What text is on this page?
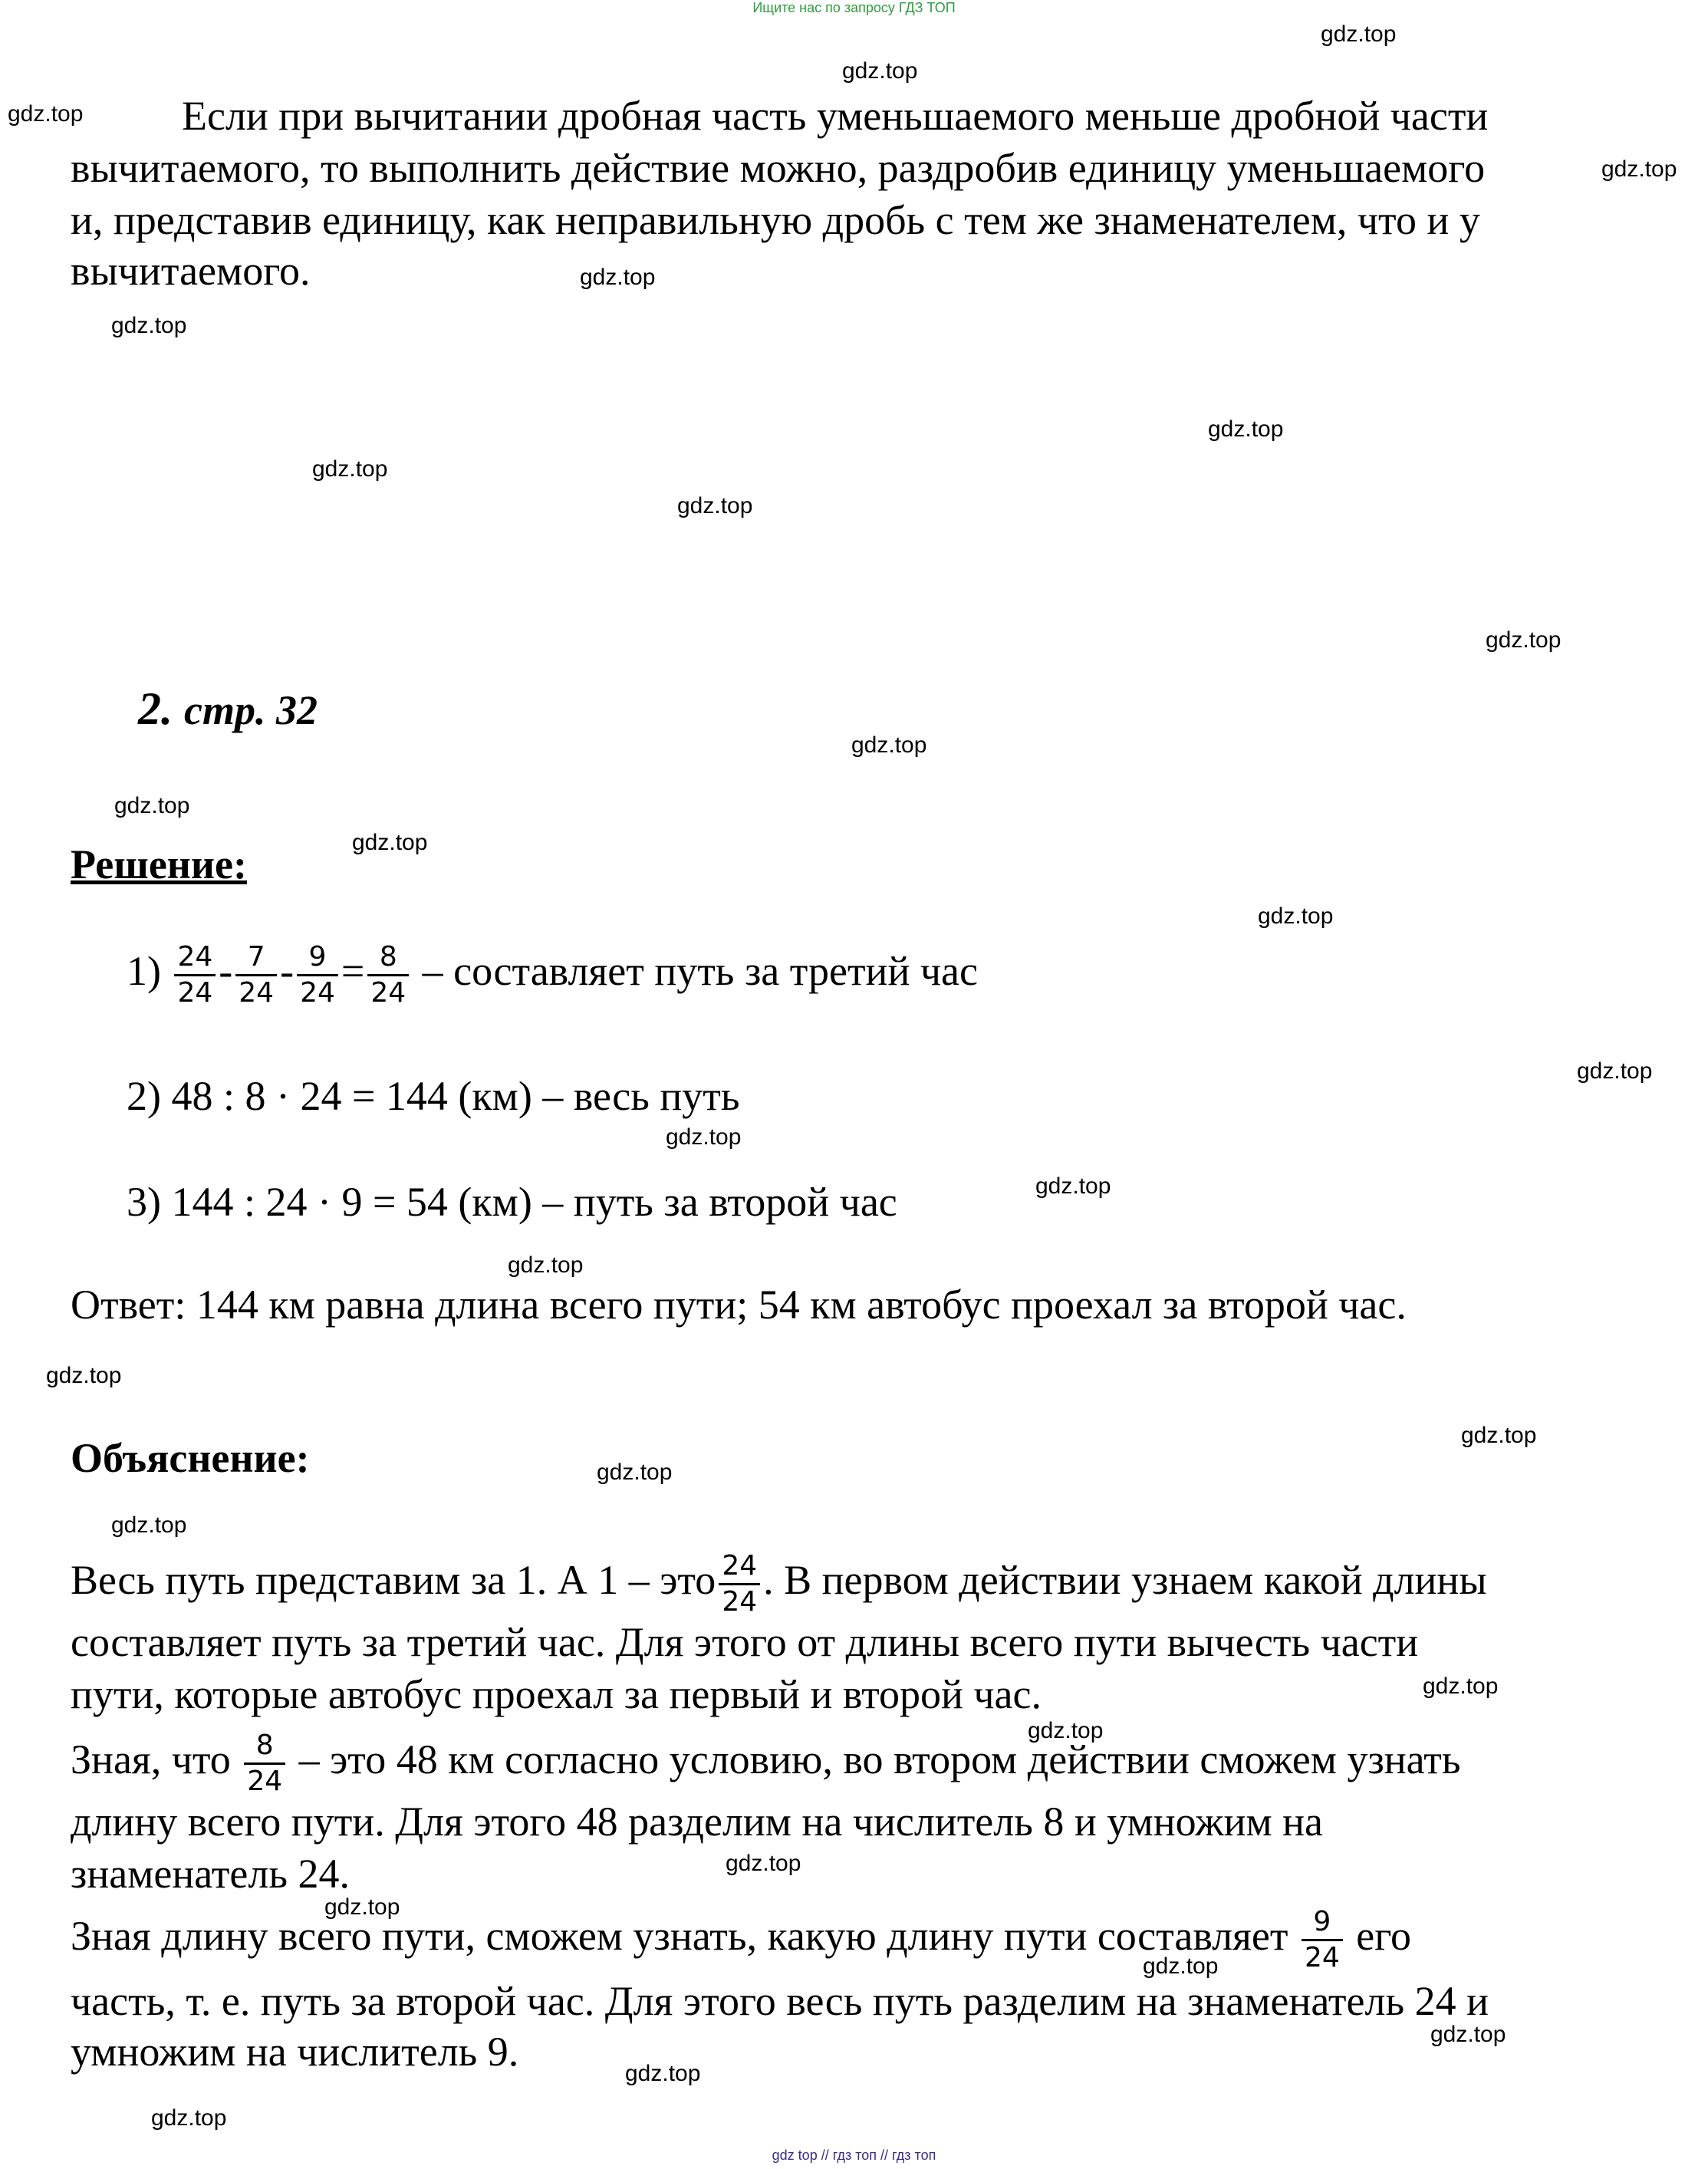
Ищите нас по запросу ГДЗ ТОП
gdz.top
gdz.top
gdz.top
gdz.top
gdz.top
gdz.top
gdz.top
gdz.top
gdz.top
gdz.top
gdz.top
gdz.top
gdz.top
gdz.top
gdz.top
gdz.top
gdz.top
gdz.top
gdz.top
gdz.top
gdz.top
gdz.top
gdz.top
gdz.top
gdz.top
gdz.top
gdz.top
gdz.top
gdz.top
gdz.top
Если при вычитании дробная часть уменьшаемого меньше дробной части
вычитаемого, то выполнить действие можно, раздробив единицу уменьшаемого
и, представив единицу, как неправильную дробь с тем же знаменателем, что и у
вычитаемого.
2. стр. 32
Решение:
$1) \frac{24}{24} - \frac{7}{24} - \frac{9}{24} = \frac{8}{24}$ – составляет путь за третий час
2) 48 : 8 · 24 = 144 (км) – весь путь
3) 144 : 24 · 9 = 54 (км) – путь за второй час
Ответ: 144 км равна длина всего пути; 54 км автобус проехал за второй час.
Объяснение:
Весь путь представим за 1. А 1 – это $\frac{24}{24}$ . В первом действии узнаем какой длины
составляет путь за третий час. Для этого от длины всего пути вычесть части
пути, которые автобус проехал за первый и второй час.
Зная, что $\frac{8}{24}$ – это 48 км согласно условию, во втором действии сможем узнать
длину всего пути. Для этого 48 разделим на числитель 8 и умножим на
знаменатель 24.
Зная длину всего пути, сможем узнать, какую длину пути составляет $\frac{9}{24}$ его
часть, т. е. путь за второй час. Для этого весь путь разделим на знаменатель 24 и
умножим на числитель 9.
gdz top // гдз топ // гдз топ
